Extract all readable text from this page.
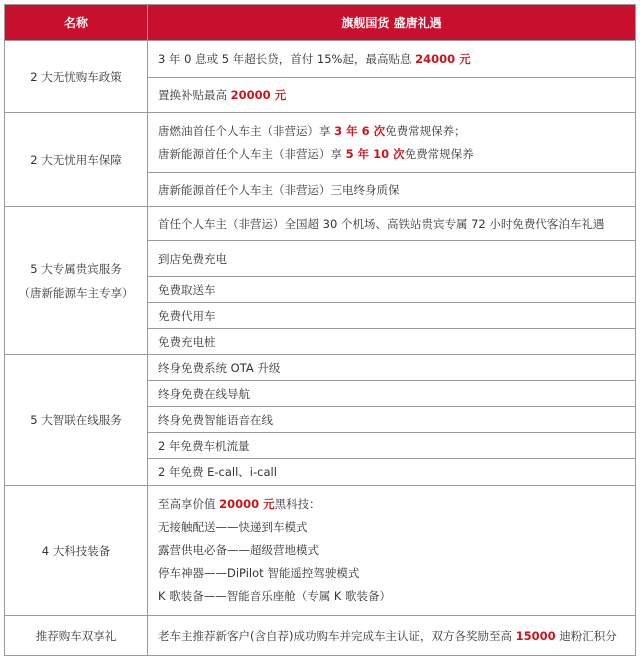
名称	旗舰国货 盛唐礼遇
2 大无忧购车政策	3 年 0 息或 5 年超长贷，首付 15%起，最高贴息 24000 元
	置换补贴最高 20000 元
2 大无忧用车保障	唐燃油首任个人车主（非营运）享 3 年 6 次免费常规保养；
唐新能源首任个人车主（非营运）享 5 年 10 次免费常规保养

	唐新能源首任个人车主（非营运）三电终身质保

5 大专属贵宾服务
（唐新能源车主专享）	首任个人车主（非营运）全国超 30 个机场、高铁站贵宾专属 72 小时免费代客泊车礼遇
	到店免费充电
	免费取送车
	免费代用车
	免费充电桩
5 大智联在线服务	终身免费系统 OTA 升级
	终身免费在线导航
	终身免费智能语音在线
	2 年免费车机流量
	2 年免费 E-call、i-call
4 大科技装备	至高享价值 20000 元黑科技：
无接触配送——快递到车模式
露营供电必备——超级营地模式
停车神器——DiPilot 智能遥控驾驶模式
K 歌装备——智能音乐座舱（专属 K 歌装备）

推荐购车双享礼	老车主推荐新客户(含自荐)成功购车并完成车主认证，双方各奖励至高 15000 迪粉汇积分
